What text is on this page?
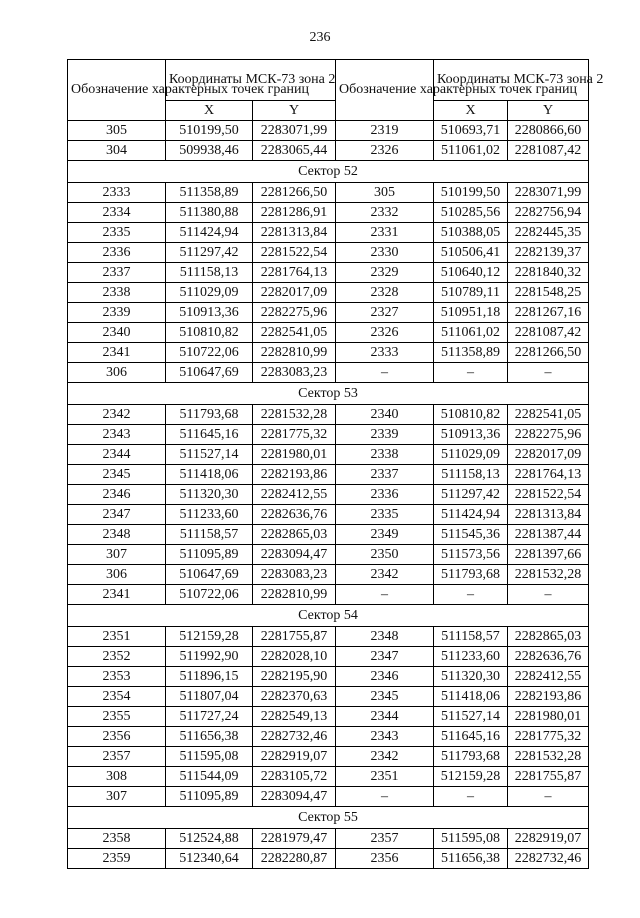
236
Обозначение характерных точек границ	Координаты МСК-73 зона 2		Обозначение характерных точек границ	Координаты МСК-73 зона 2	
	X	Y		X	Y
305	510199,50	2283071,99	2319	510693,71	2280866,60
304	509938,46	2283065,44	2326	511061,02	2281087,42
Сектор 52					
2333	511358,89	2281266,50	305	510199,50	2283071,99
2334	511380,88	2281286,91	2332	510285,56	2282756,94
2335	511424,94	2281313,84	2331	510388,05	2282445,35
2336	511297,42	2281522,54	2330	510506,41	2282139,37
2337	511158,13	2281764,13	2329	510640,12	2281840,32
2338	511029,09	2282017,09	2328	510789,11	2281548,25
2339	510913,36	2282275,96	2327	510951,18	2281267,16
2340	510810,82	2282541,05	2326	511061,02	2281087,42
2341	510722,06	2282810,99	2333	511358,89	2281266,50
306	510647,69	2283083,23	–	–	–
Сектор 53					
2342	511793,68	2281532,28	2340	510810,82	2282541,05
2343	511645,16	2281775,32	2339	510913,36	2282275,96
2344	511527,14	2281980,01	2338	511029,09	2282017,09
2345	511418,06	2282193,86	2337	511158,13	2281764,13
2346	511320,30	2282412,55	2336	511297,42	2281522,54
2347	511233,60	2282636,76	2335	511424,94	2281313,84
2348	511158,57	2282865,03	2349	511545,36	2281387,44
307	511095,89	2283094,47	2350	511573,56	2281397,66
306	510647,69	2283083,23	2342	511793,68	2281532,28
2341	510722,06	2282810,99	–	–	–
Сектор 54					
2351	512159,28	2281755,87	2348	511158,57	2282865,03
2352	511992,90	2282028,10	2347	511233,60	2282636,76
2353	511896,15	2282195,90	2346	511320,30	2282412,55
2354	511807,04	2282370,63	2345	511418,06	2282193,86
2355	511727,24	2282549,13	2344	511527,14	2281980,01
2356	511656,38	2282732,46	2343	511645,16	2281775,32
2357	511595,08	2282919,07	2342	511793,68	2281532,28
308	511544,09	2283105,72	2351	512159,28	2281755,87
307	511095,89	2283094,47	–	–	–
Сектор 55					
2358	512524,88	2281979,47	2357	511595,08	2282919,07
2359	512340,64	2282280,87	2356	511656,38	2282732,46
